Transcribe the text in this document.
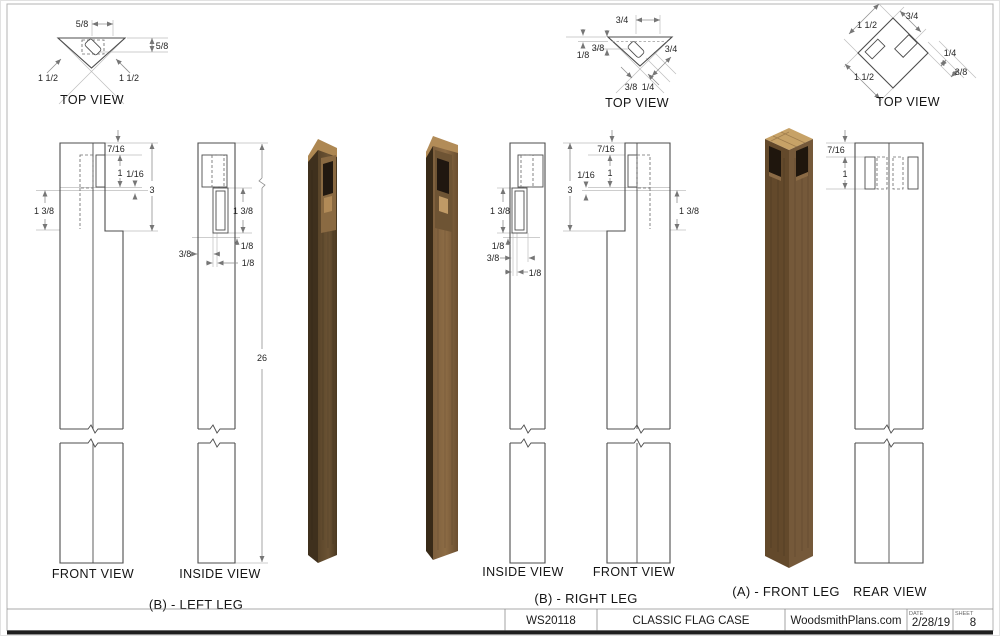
5/8
5/8
1 1/2	1 1/2
TOP VIEW
3/4
1/8
3/8	3/4
3/8 1/4
TOP VIEW
1 1/2
3/4
1/4
3/8
1 1/2
TOP VIEW
7/16
1 1/16
3
1 3/8
FRONT VIEW
1 3/8
1/8
3/8
1/8
26
INSIDE VIEW
(B) - LEFT LEG
1 3/8
1/8
3/8
1/8
INSIDE VIEW
7/16
1
1/16
3
1 3/8
FRONT VIEW
(B) - RIGHT LEG
7/16
1
REAR VIEW
(A) - FRONT LEG
WS20118	CLASSIC FLAG CASE	WoodsmithPlans.com
DATE
2/28/19
SHEET
8
